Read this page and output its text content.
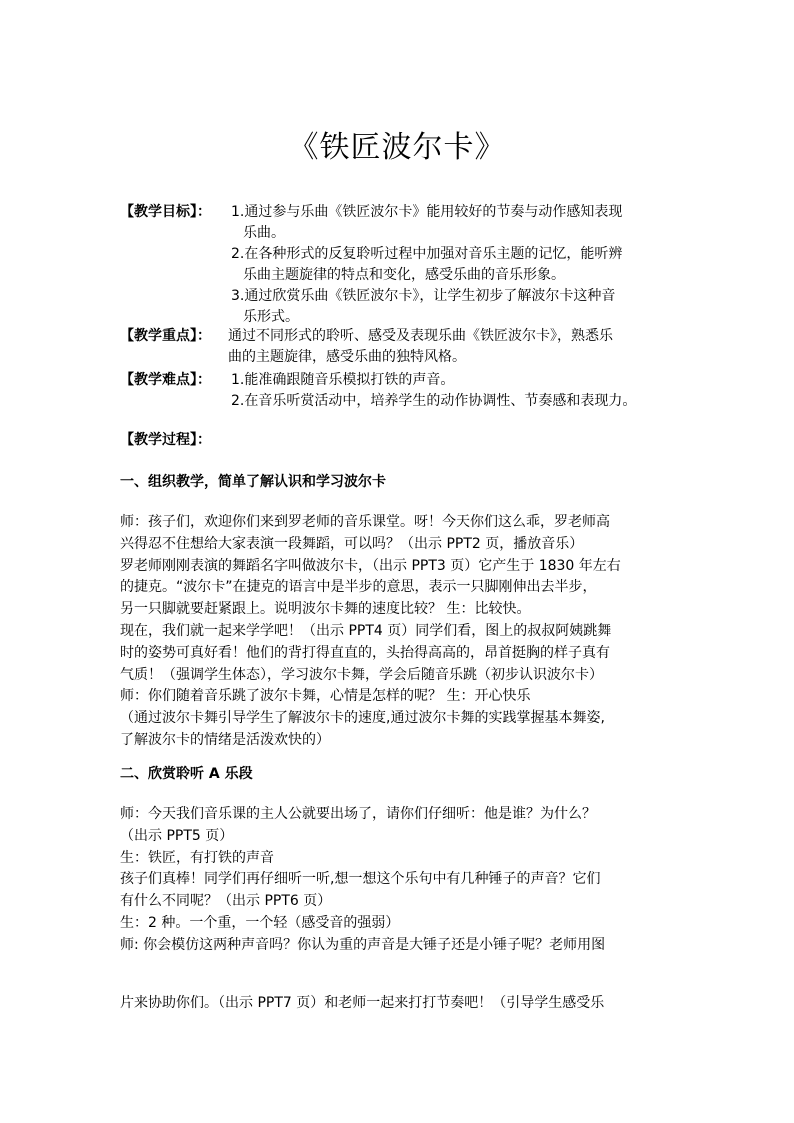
《铁匠波尔卡》
【教学目标】： 1.通过参与乐曲《铁匠波尔卡》能用较好的节奏与动作感知表现
乐曲。
2.在各种形式的反复聆听过程中加强对音乐主题的记忆，能听辨
乐曲主题旋律的特点和变化，感受乐曲的音乐形象。
3.通过欣赏乐曲《铁匠波尔卡》，让学生初步了解波尔卡这种音
乐形式。
【教学重点】： 通过不同形式的聆听、感受及表现乐曲《铁匠波尔卡》，熟悉乐
曲的主题旋律，感受乐曲的独特风格。
【教学难点】： 1.能准确跟随音乐模拟打铁的声音。
2.在音乐听赏活动中，培养学生的动作协调性、节奏感和表现力。
【教学过程】：
一、组织教学，简单了解认识和学习波尔卡
师：孩子们，欢迎你们来到罗老师的音乐课堂。呀！今天你们这么乖，罗老师高
兴得忍不住想给大家表演一段舞蹈，可以吗？（出示 PPT2 页，播放音乐）
罗老师刚刚表演的舞蹈名字叫做波尔卡，（出示 PPT3 页）它产生于 1830 年左右
的捷克。“波尔卡”在捷克的语言中是半步的意思，表示一只脚刚伸出去半步，
另一只脚就要赶紧跟上。说明波尔卡舞的速度比较？ 生：比较快。
现在，我们就一起来学学吧！（出示 PPT4 页）同学们看，图上的叔叔阿姨跳舞
时的姿势可真好看！他们的背打得直直的，头抬得高高的，昂首挺胸的样子真有
气质！（强调学生体态），学习波尔卡舞，学会后随音乐跳（初步认识波尔卡）
师：你们随着音乐跳了波尔卡舞，心情是怎样的呢？ 生：开心快乐
（通过波尔卡舞引导学生了解波尔卡的速度,通过波尔卡舞的实践掌握基本舞姿,
了解波尔卡的情绪是活泼欢快的）
二、欣赏聆听 A 乐段
师：今天我们音乐课的主人公就要出场了，请你们仔细听：他是谁？为什么？
（出示 PPT5 页）
生：铁匠，有打铁的声音
孩子们真棒！同学们再仔细听一听,想一想这个乐句中有几种锤子的声音？它们
有什么不同呢？（出示 PPT6 页）
生：2 种。一个重，一个轻（感受音的强弱）
师: 你会模仿这两种声音吗？你认为重的声音是大锤子还是小锤子呢？老师用图
片来协助你们。（出示 PPT7 页）和老师一起来打打节奏吧！（引导学生感受乐
